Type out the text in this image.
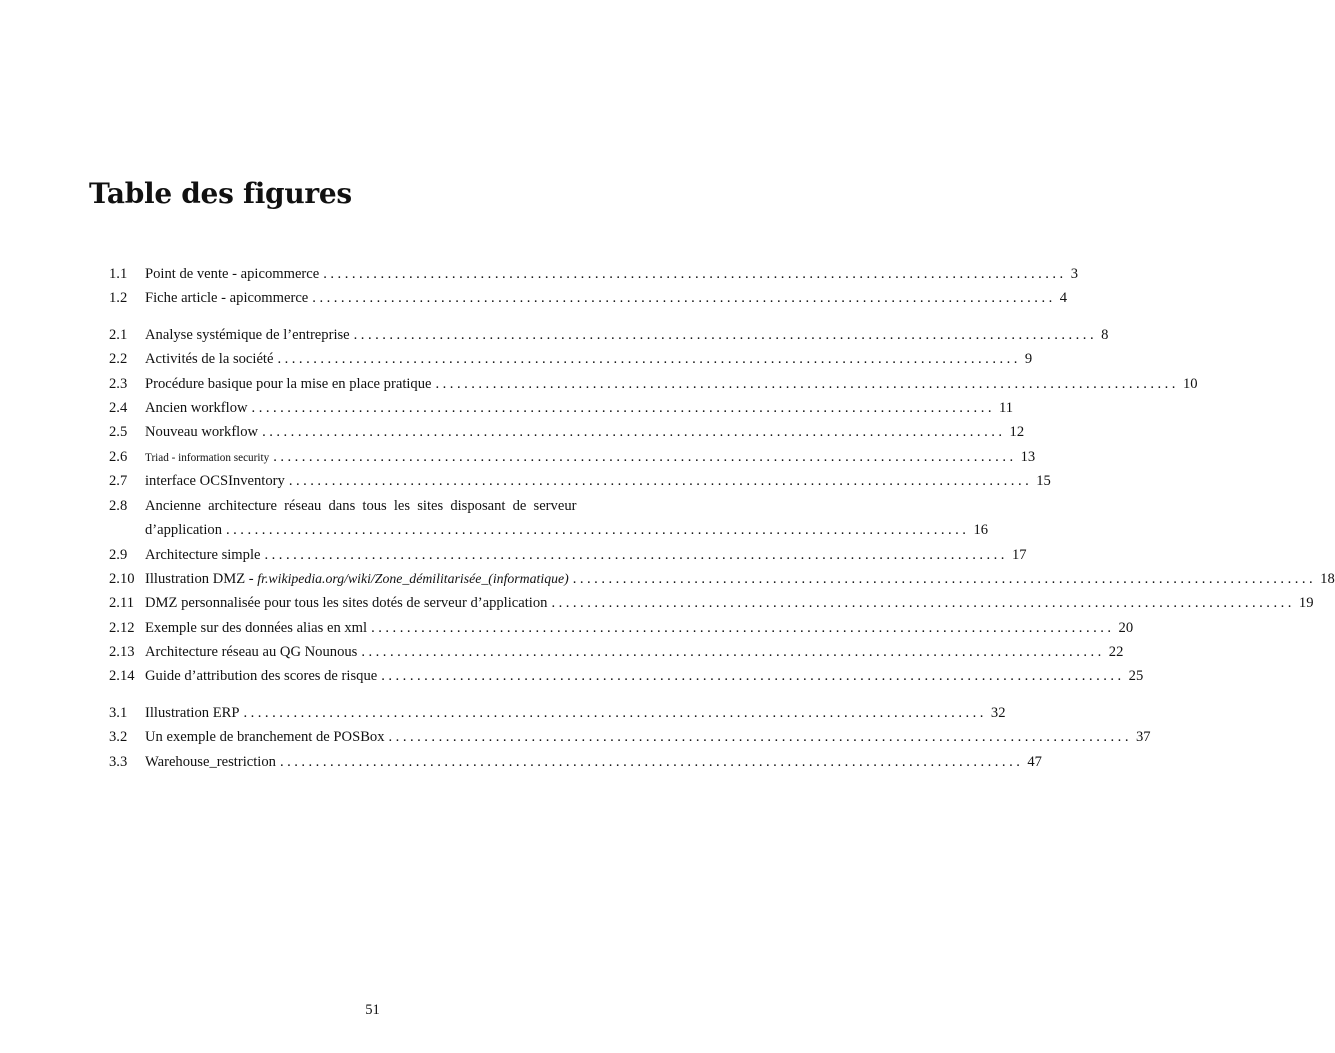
Table des figures
1.1 Point de vente - apicommerce ........................................................................................................ 3
1.2 Fiche article - apicommerce ........................................................................................................ 4
2.1 Analyse systémique de l’entreprise ........................................................................................................ 8
2.2 Activités de la société ........................................................................................................ 9
2.3 Procédure basique pour la mise en place pratique ........................................................................................................ 10
2.4 Ancien workflow ........................................................................................................ 11
2.5 Nouveau workflow ........................................................................................................ 12
2.6 Triad - information security ........................................................................................................ 13
2.7 interface OCSInventory ........................................................................................................ 15
2.8 Ancienne architecture réseau dans tous les sites disposant de serveur
d’application ........................................................................................................ 16
2.9 Architecture simple ........................................................................................................ 17
2.10 Illustration DMZ - fr.wikipedia.org/wiki/Zone_démilitarisée_(informatique) ........................................................................................................ 18
2.11 DMZ personnalisée pour tous les sites dotés de serveur d’application ........................................................................................................ 19
2.12 Exemple sur des données alias en xml ........................................................................................................ 20
2.13 Architecture réseau au QG Nounous ........................................................................................................ 22
2.14 Guide d’attribution des scores de risque ........................................................................................................ 25
3.1 Illustration ERP ........................................................................................................ 32
3.2 Un exemple de branchement de POSBox ........................................................................................................ 37
3.3 Warehouse_restriction ........................................................................................................ 47
51
